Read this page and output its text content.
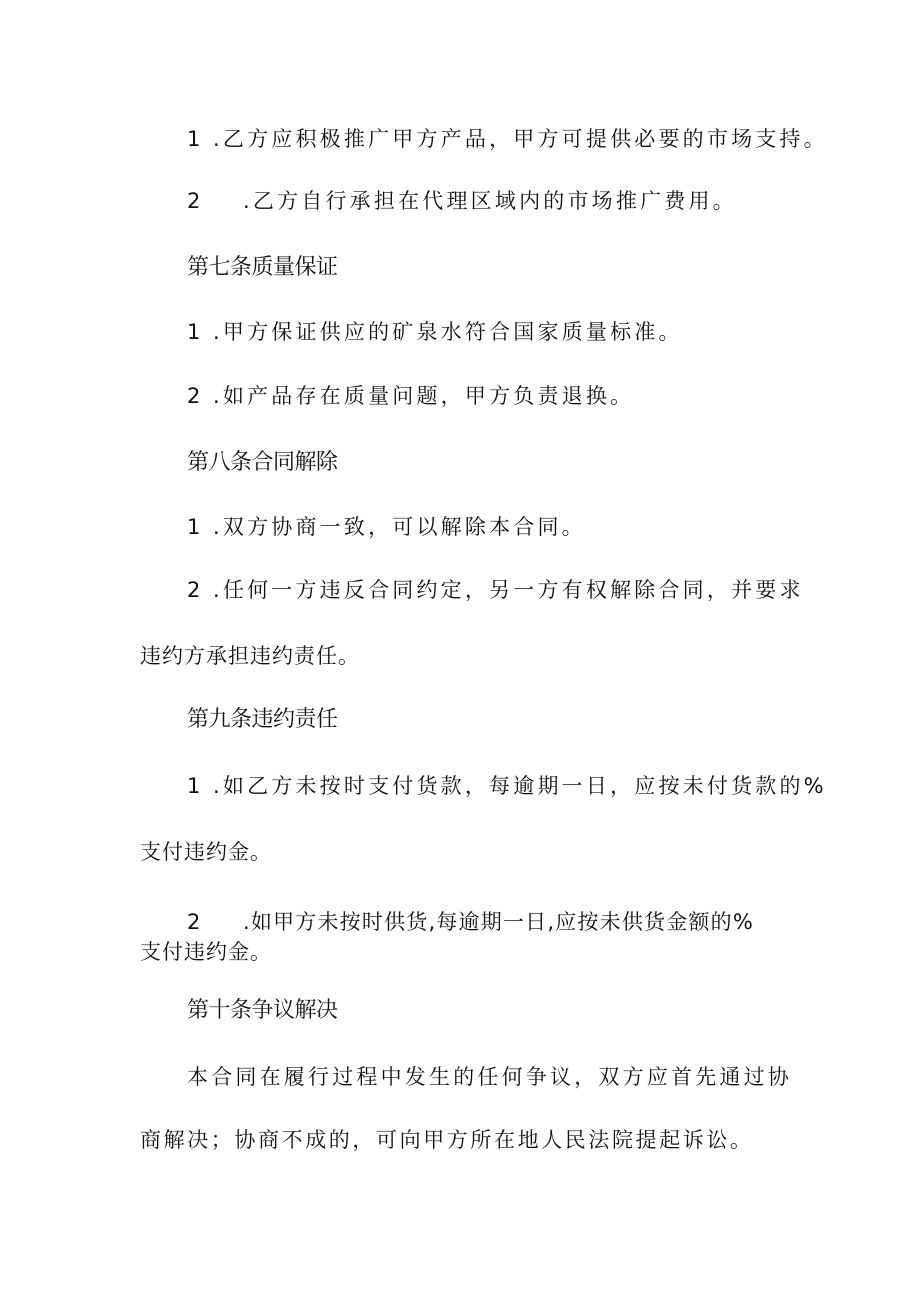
1 .乙方应积极推广甲方产品，甲方可提供必要的市场支持。
2 .乙方自行承担在代理区域内的市场推广费用。
第七条质量保证
1 .甲方保证供应的矿泉水符合国家质量标准。
2 .如产品存在质量问题，甲方负责退换。
第八条合同解除
1 .双方协商一致，可以解除本合同。
2 .任何一方违反合同约定，另一方有权解除合同，并要求
违约方承担违约责任。
第九条违约责任
1 .如乙方未按时支付货款，每逾期一日，应按未付货款的%
支付违约金。
2 .如甲方未按时供货,每逾期一日,应按未供货金额的%
支付违约金。
第十条争议解决
本合同在履行过程中发生的任何争议，双方应首先通过协
商解决；协商不成的，可向甲方所在地人民法院提起诉讼。
